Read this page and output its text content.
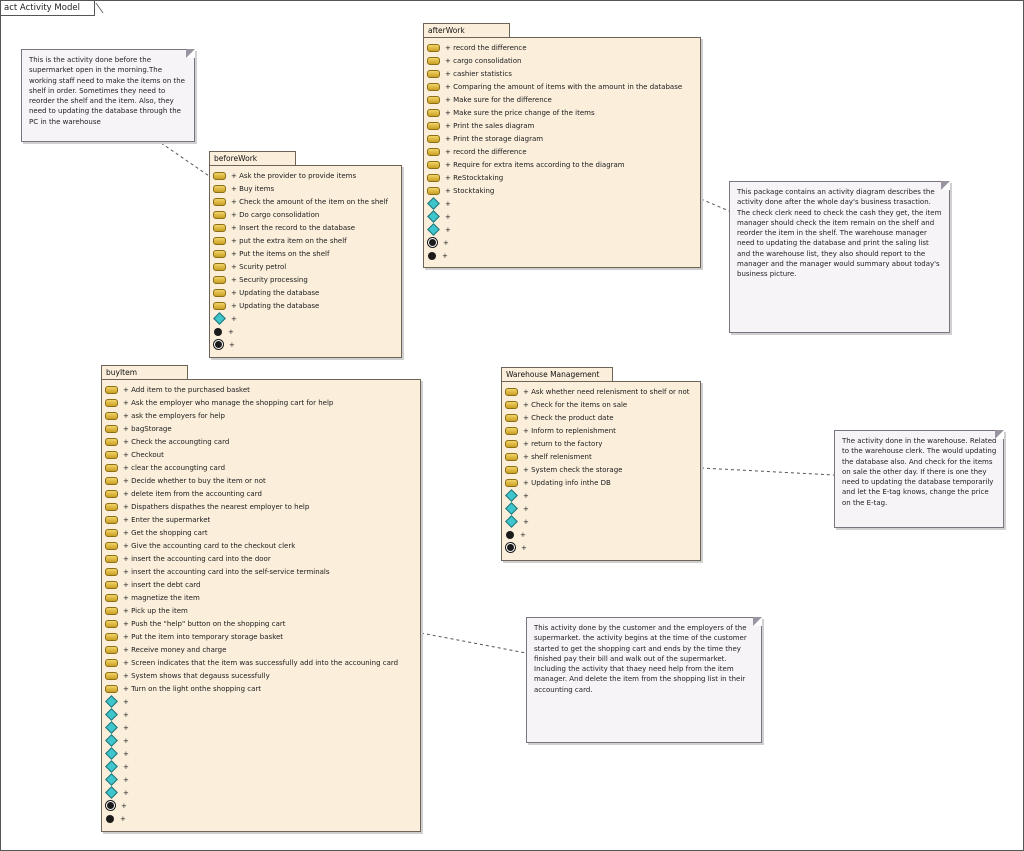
act Activity Model
afterWork
+ record the difference
+ cargo consolidation
+ cashier statistics
+ Comparing the amount of items with the amount in the database
+ Make sure for the difference
+ Make sure the price change of the items
+ Print the sales diagram
+ Print the storage diagram
+ record the difference
+ Require for extra items according to the diagram
+ ReStocktaking
+ Stocktaking
+
+
+
+
+
beforeWork
+ Ask the provider to provide items
+ Buy items
+ Check the amount of the item on the shelf
+ Do cargo consolidation
+ Insert the record to the database
+ put the extra item on the shelf
+ Put the items on the shelf
+ Scurity petrol
+ Security processing
+ Updating the database
+ Updating the database
+
+
+
buyItem
+ Add item to the purchased basket
+ Ask the employer who manage the shopping cart for help
+ ask the employers for help
+ bagStorage
+ Check the accoungting card
+ Checkout
+ clear the accoungting card
+ Decide whether to buy the item or not
+ delete item from the accounting card
+ Dispathers dispathes the nearest employer to help
+ Enter the supermarket
+ Get the shopping cart
+ Give the accounting card to the checkout clerk
+ insert the accounting card into the door
+ insert the accounting card into the self-service terminals
+ insert the debt card
+ magnetize the item
+ Pick up the item
+ Push the "help" button on the shopping cart
+ Put the item into temporary storage basket
+ Receive money and charge
+ Screen indicates that the item was successfully add into the accouning card
+ System shows that degauss sucessfully
+ Turn on the light onthe shopping cart
+
+
+
+
+
+
+
+
+
+
Warehouse Management
+ Ask whether need relenisment to shelf or not
+ Check for the items on sale
+ Check the product date
+ Inform to replenishment
+ return to the factory
+ shelf relenisment
+ System check the storage
+ Updating info inthe DB
+
+
+
+
+
This is the activity done before the supermarket open in the morning.The working staff need to make the items on the shelf in order. Sometimes they need to reorder the shelf and the item. Also, they need to updating the database through the PC in the warehouse
This package contains an activity diagram describes the activity done after the whole day's business trasaction. The check clerk need to check the cash they get, the item manager should check the item remain on the shelf and reorder the item in the shelf. The warehouse manager need to updating the database and print the saling list and the warehouse list, they also should report to the manager and the manager would summary about today's business picture.
The activity done in the warehouse. Related to the warehouse clerk. The would updating the database also. And check for the items on sale the other day. If there is one they need to updating the database temporarily and let the E-tag knows, change the price on the E-tag.
This activity done by the customer and the employers of the supermarket. the activity begins at the time of the customer started to get the shopping cart and ends by the time they finished pay their bill and walk out of the supermarket. Including the activity that thaey need help from the item manager. And delete the item from the shopping list in their accounting card.
